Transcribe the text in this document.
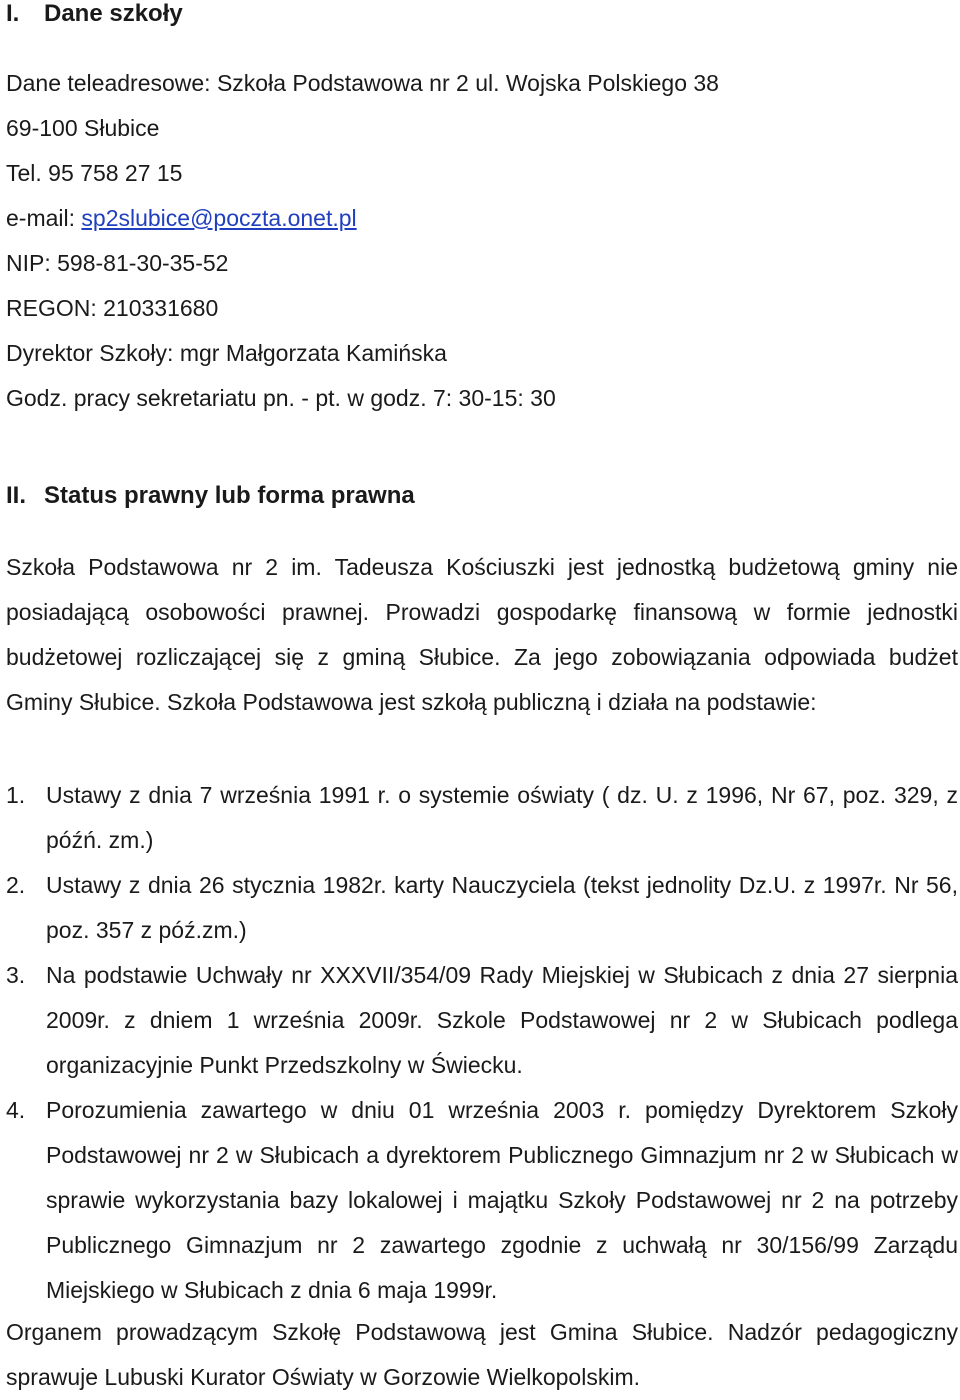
I. Dane szkoły
Dane teleadresowe: Szkoła Podstawowa nr 2 ul. Wojska Polskiego 38
69-100 Słubice
Tel. 95 758 27 15
e-mail: sp2slubice@poczta.onet.pl
NIP: 598-81-30-35-52
REGON: 210331680
Dyrektor Szkoły: mgr Małgorzata Kamińska
Godz. pracy sekretariatu pn. - pt. w godz. 7: 30-15: 30
II. Status prawny lub forma prawna
Szkoła Podstawowa nr 2 im. Tadeusza Kościuszki jest jednostką budżetową gminy nie posiadającą osobowości prawnej. Prowadzi gospodarkę finansową w formie jednostki budżetowej rozliczającej się z gminą Słubice. Za jego zobowiązania odpowiada budżet Gminy Słubice. Szkoła Podstawowa jest szkołą publiczną i działa na podstawie:
1. Ustawy z dnia 7 września 1991 r. o systemie oświaty ( dz. U. z 1996, Nr 67, poz. 329, z późń. zm.)
2. Ustawy z dnia 26 stycznia 1982r. karty Nauczyciela (tekst jednolity Dz.U. z 1997r. Nr 56, poz. 357 z póź.zm.)
3. Na podstawie Uchwały nr XXXVII/354/09 Rady Miejskiej w Słubicach z dnia 27 sierpnia 2009r. z dniem 1 września 2009r. Szkole Podstawowej nr 2 w Słubicach podlega organizacyjnie Punkt Przedszkolny w Świecku.
4. Porozumienia zawartego w dniu 01 września 2003 r. pomiędzy Dyrektorem Szkoły Podstawowej nr 2 w Słubicach a dyrektorem Publicznego Gimnazjum nr 2 w Słubicach w sprawie wykorzystania bazy lokalowej i majątku Szkoły Podstawowej nr 2 na potrzeby Publicznego Gimnazjum nr 2 zawartego zgodnie z uchwałą nr 30/156/99 Zarządu Miejskiego w Słubicach z dnia 6 maja 1999r.
Organem prowadzącym Szkołę Podstawową jest Gmina Słubice. Nadzór pedagogiczny sprawuje Lubuski Kurator Oświaty w Gorzowie Wielkopolskim.
